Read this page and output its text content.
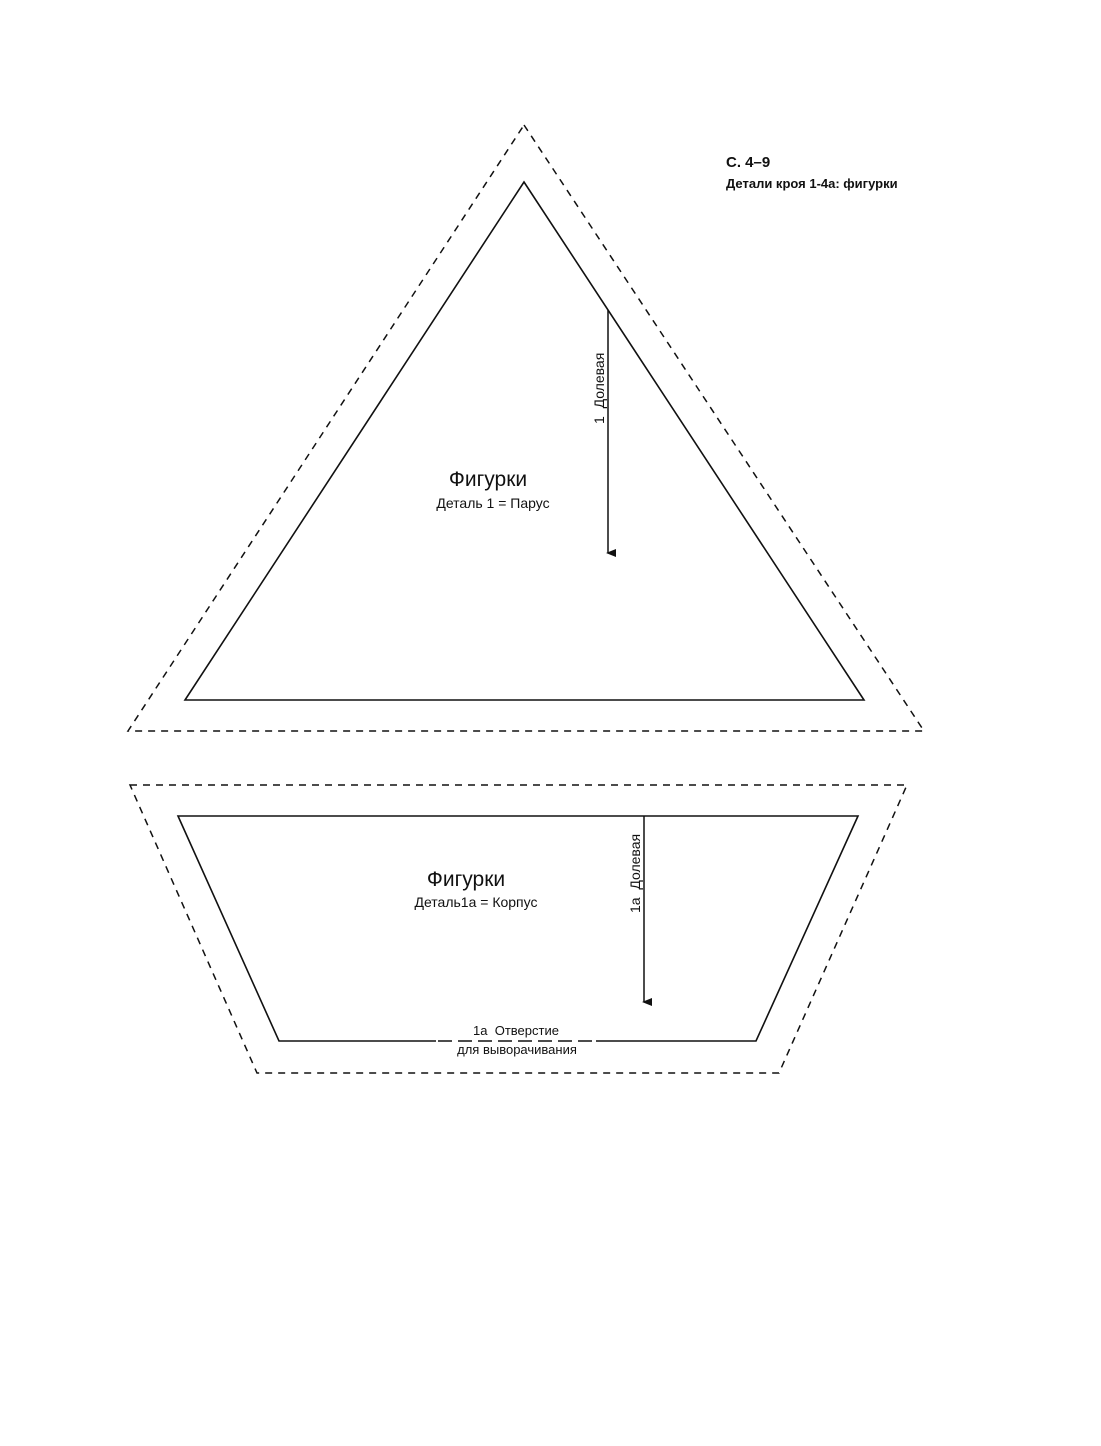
С. 4–9
Детали кроя 1-4а: фигурки
1  Долевая
Фигурки
Деталь 1 = Парус
1а  Долевая
Фигурки
Деталь1а = Корпус
1а  Отверстие
для выворачивания
